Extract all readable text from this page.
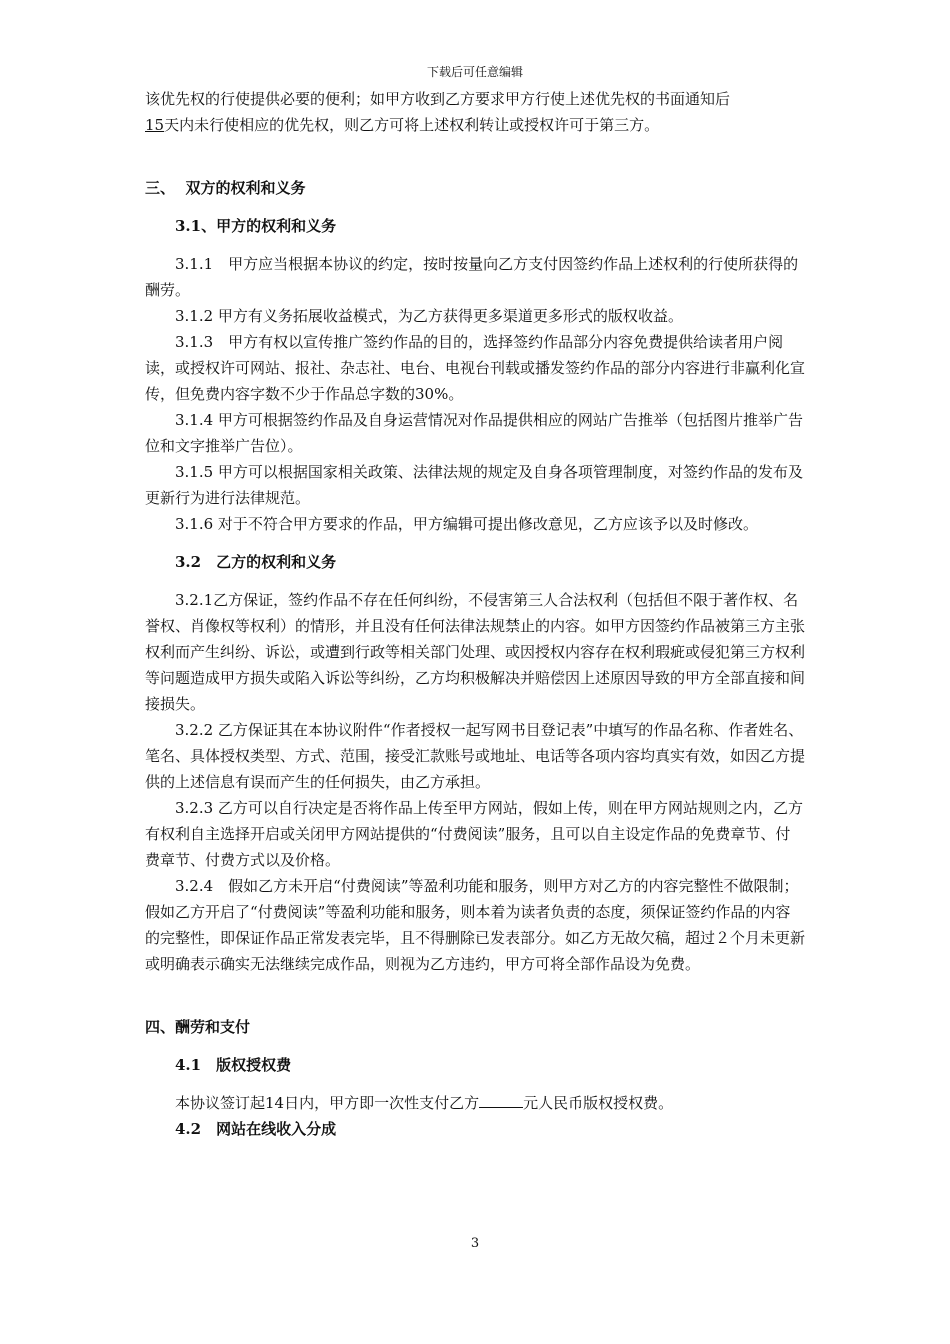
下载后可任意编辑

该优先权的行使提供必要的便利；如甲方收到乙方要求甲方行使上述优先权的书面通知后
15天内未行使相应的优先权，则乙方可将上述权利转让或授权许可于第三方。

三、 双方的权利和义务

3.1、甲方的权利和义务

3.1.1　甲方应当根据本协议的约定，按时按量向乙方支付因签约作品上述权利的行使所获得的酬劳。

3.1.2 甲方有义务拓展收益模式，为乙方获得更多渠道更多形式的版权收益。

3.1.3　甲方有权以宣传推广签约作品的目的，选择签约作品部分内容免费提供给读者用户阅读，或授权许可网站、报社、杂志社、电台、电视台刊载或播发签约作品的部分内容进行非赢利化宣传，但免费内容字数不少于作品总字数的30%。

3.1.4 甲方可根据签约作品及自身运营情况对作品提供相应的网站广告推举（包括图片推举广告位和文字推举广告位）。

3.1.5 甲方可以根据国家相关政策、法律法规的规定及自身各项管理制度，对签约作品的发布及更新行为进行法律规范。

3.1.6 对于不符合甲方要求的作品，甲方编辑可提出修改意见，乙方应该予以及时修改。

3.2　乙方的权利和义务

3.2.1乙方保证，签约作品不存在任何纠纷，不侵害第三人合法权利（包括但不限于著作权、名誉权、肖像权等权利）的情形，并且没有任何法律法规禁止的内容。如甲方因签约作品被第三方主张权利而产生纠纷、诉讼，或遭到行政等相关部门处理、或因授权内容存在权利瑕疵或侵犯第三方权利等问题造成甲方损失或陷入诉讼等纠纷，乙方均积极解决并赔偿因上述原因导致的甲方全部直接和间接损失。

3.2.2 乙方保证其在本协议附件“作者授权一起写网书目登记表”中填写的作品名称、作者姓名、笔名、具体授权类型、方式、范围，接受汇款账号或地址、电话等各项内容均真实有效，如因乙方提供的上述信息有误而产生的任何损失，由乙方承担。

3.2.3 乙方可以自行决定是否将作品上传至甲方网站，假如上传，则在甲方网站规则之内，乙方有权利自主选择开启或关闭甲方网站提供的“付费阅读”服务，且可以自主设定作品的免费章节、付费章节、付费方式以及价格。

3.2.4　假如乙方未开启“付费阅读”等盈利功能和服务，则甲方对乙方的内容完整性不做限制；假如乙方开启了“付费阅读”等盈利功能和服务，则本着为读者负责的态度，须保证签约作品的内容的完整性，即保证作品正常发表完毕，且不得删除已发表部分。如乙方无故欠稿，超过２个月未更新或明确表示确实无法继续完成作品，则视为乙方违约，甲方可将全部作品设为免费。

四、酬劳和支付

4.1　版权授权费

本协议签订起14日内，甲方即一次性支付乙方	元人民币版权授权费。

4.2　网站在线收入分成

3
